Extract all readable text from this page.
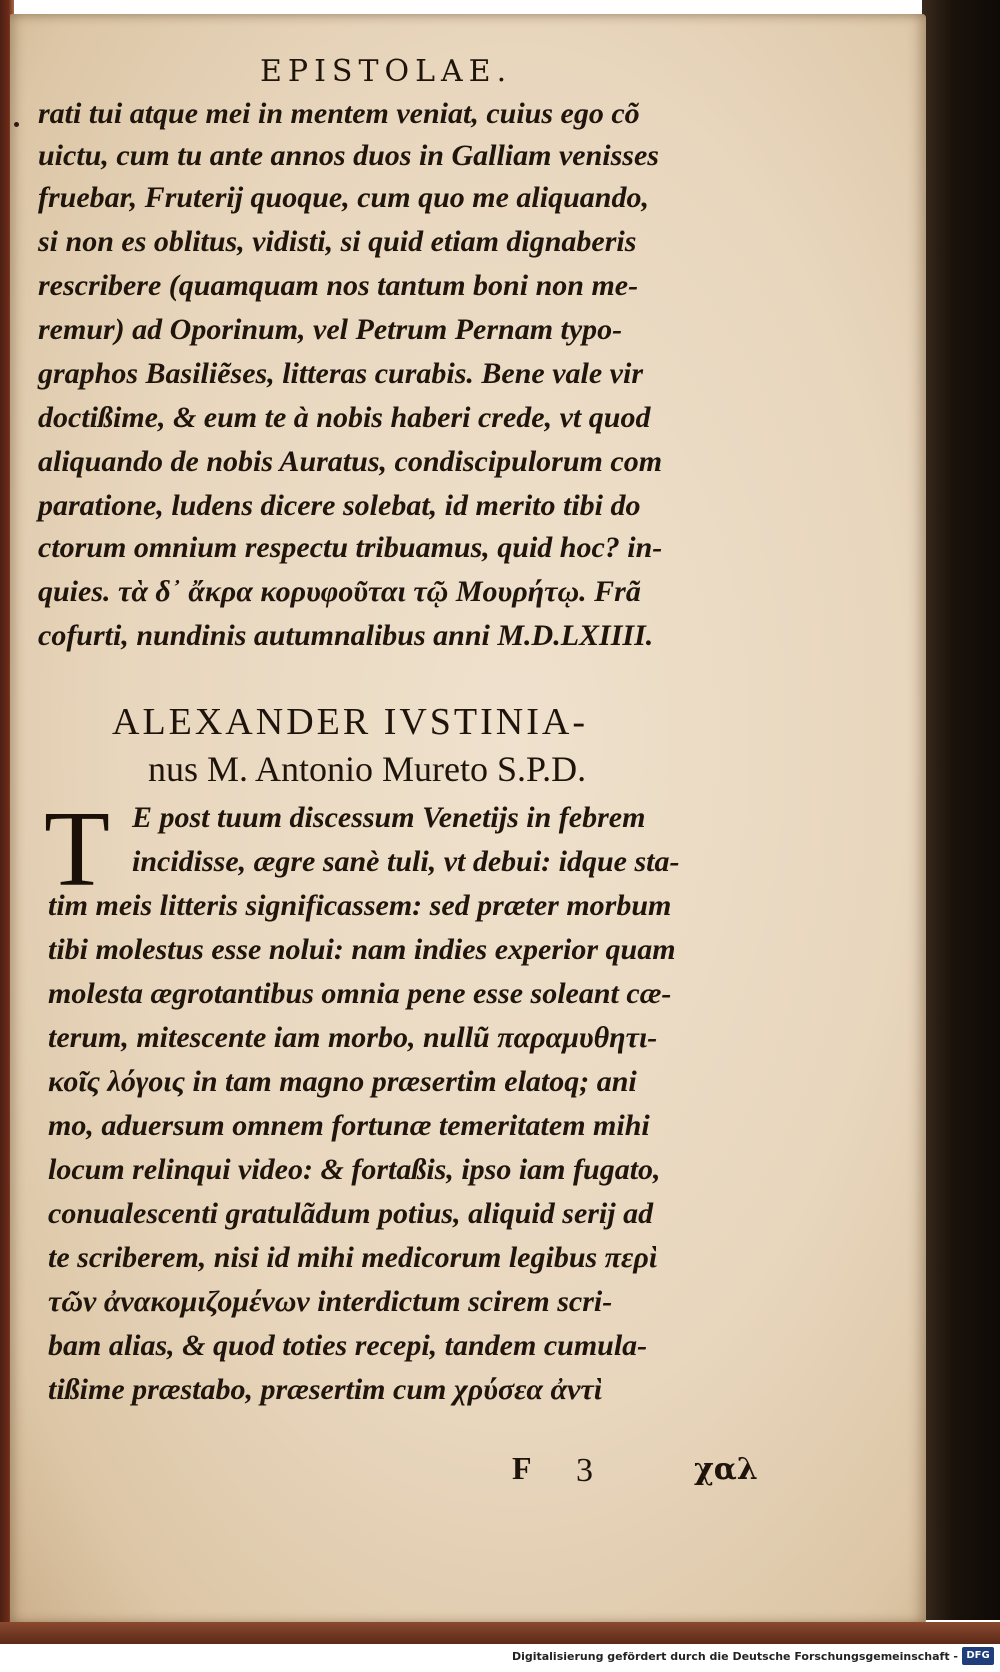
EPISTOLAE.

rati tui atque mei in mentem veniat, cuius ego cõ
uictu, cum tu ante annos duos in Galliam venisses
fruebar, Fruterij quoque, cum quo me aliquando,
si non es oblitus, vidisti, si quid etiam dignaberis
rescribere (quamquam nos tantum boni non me-
remur) ad Oporinum, vel Petrum Pernam typo-
graphos Basiliẽses, litteras curabis. Bene vale vir
doctißime, & eum te à nobis haberi crede, vt quod
aliquando de nobis Auratus, condiscipulorum com
paratione, ludens dicere solebat, id merito tibi do
ctorum omnium respectu tribuamus, quid hoc? in-
quies. τὰ δ᾽ ἄκρα κορυφοῦται τῷ Μουρήτῳ. Frã
cofurti, nundinis autumnalibus anni M.D.LXIIII.

ALEXANDER IVSTINIA-

nus M. Antonio Mureto S.P.D.

T E post tuum discessum Venetijs in febrem
incidisse, ægre sanè tuli, vt debui: idque sta-
tim meis litteris significassem: sed præter morbum
tibi molestus esse nolui: nam indies experior quam
molesta ægrotantibus omnia pene esse soleant cæ-
terum, mitescente iam morbo, nullũ παραμυθητι-
κοῖς λόγοις in tam magno præsertim elatoq; ani
mo, aduersum omnem fortunæ temeritatem mihi
locum relinqui video: & fortaßis, ipso iam fugato,
conualescenti gratulãdum potius, aliquid serij ad
te scriberem, nisi id mihi medicorum legibus περὶ
τῶν ἀνακομιζομένων interdictum scirem scri-
bam alias, & quod toties recepi, tandem cumula-
tißime præstabo, præsertim cum χρύσεα ἀντὶ

F 3	χαλ

Digitalisierung gefördert durch die Deutsche Forschungsgemeinschaft - DFG
